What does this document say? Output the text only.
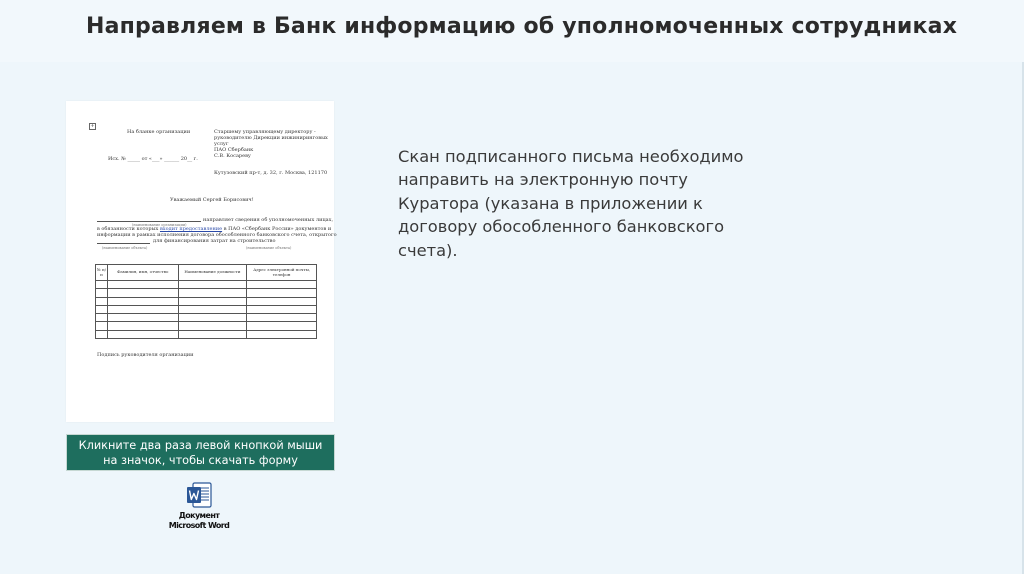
Направляем в Банк информацию об уполномоченных сотрудниках
+
На бланке организации	Старшему управляющему директору -
руководителю Дирекции инжиниринговых
услуг
ПАО Сбербанк
С.В. Косареву
Исх. № _____ от «___» ______ 20__ г.
Кутузовский пр-т, д. 32, г. Москва, 121170
Уважаемый Сергей Борисович!
(наименование организации)
направляет сведения об уполномоченных лицах,
в обязанности которых входит предоставление в ПАО «Сбербанк России» документов и
информации в рамках исполнения договора обособленного банковского счета, открытого
для финансирования затрат на строительство
(наименование объекта)	(наименование объекта)
№ п/п	Фамилия, имя, отчество	Наименование должности	Адрес электронной почты, телефон

Подпись руководителя организации
Скан подписанного письма необходимо
направить на электронную почту
Куратора (указана в приложении к
договору обособленного банковского
счета).
Кликните два раза левой кнопкой мыши
на значок, чтобы скачать форму
Документ
Microsoft Word
